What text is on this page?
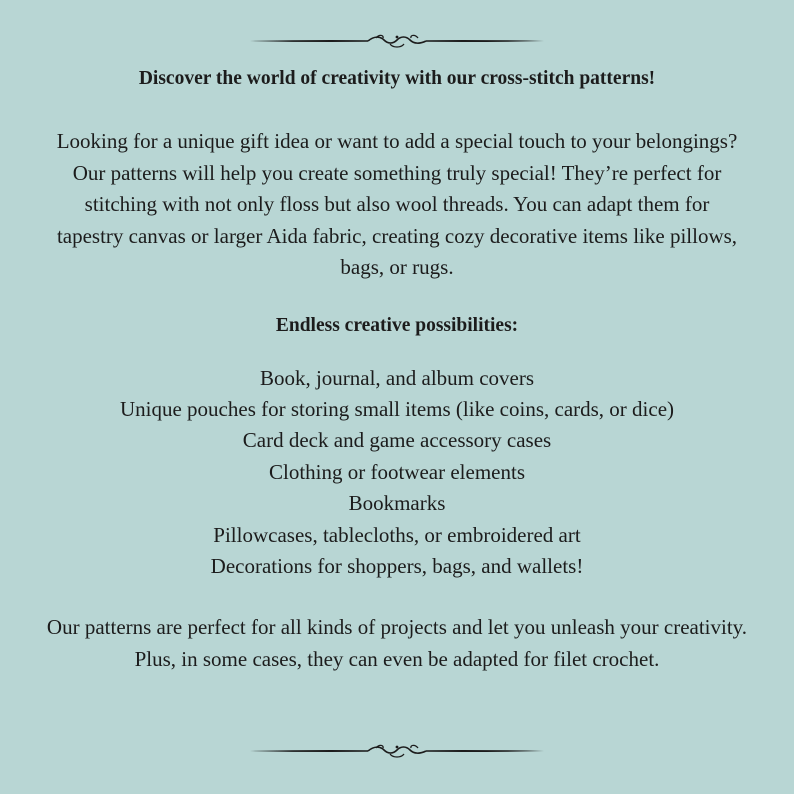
Discover the world of creativity with our cross-stitch patterns!

Looking for a unique gift idea or want to add a special touch to your belongings? Our patterns will help you create something truly special! They’re perfect for stitching with not only floss but also wool threads. You can adapt them for tapestry canvas or larger Aida fabric, creating cozy decorative items like pillows, bags, or rugs.

Endless creative possibilities:

Book, journal, and album covers
Unique pouches for storing small items (like coins, cards, or dice)
Card deck and game accessory cases
Clothing or footwear elements
Bookmarks
Pillowcases, tablecloths, or embroidered art
Decorations for shoppers, bags, and wallets!

Our patterns are perfect for all kinds of projects and let you unleash your creativity. Plus, in some cases, they can even be adapted for filet crochet.
